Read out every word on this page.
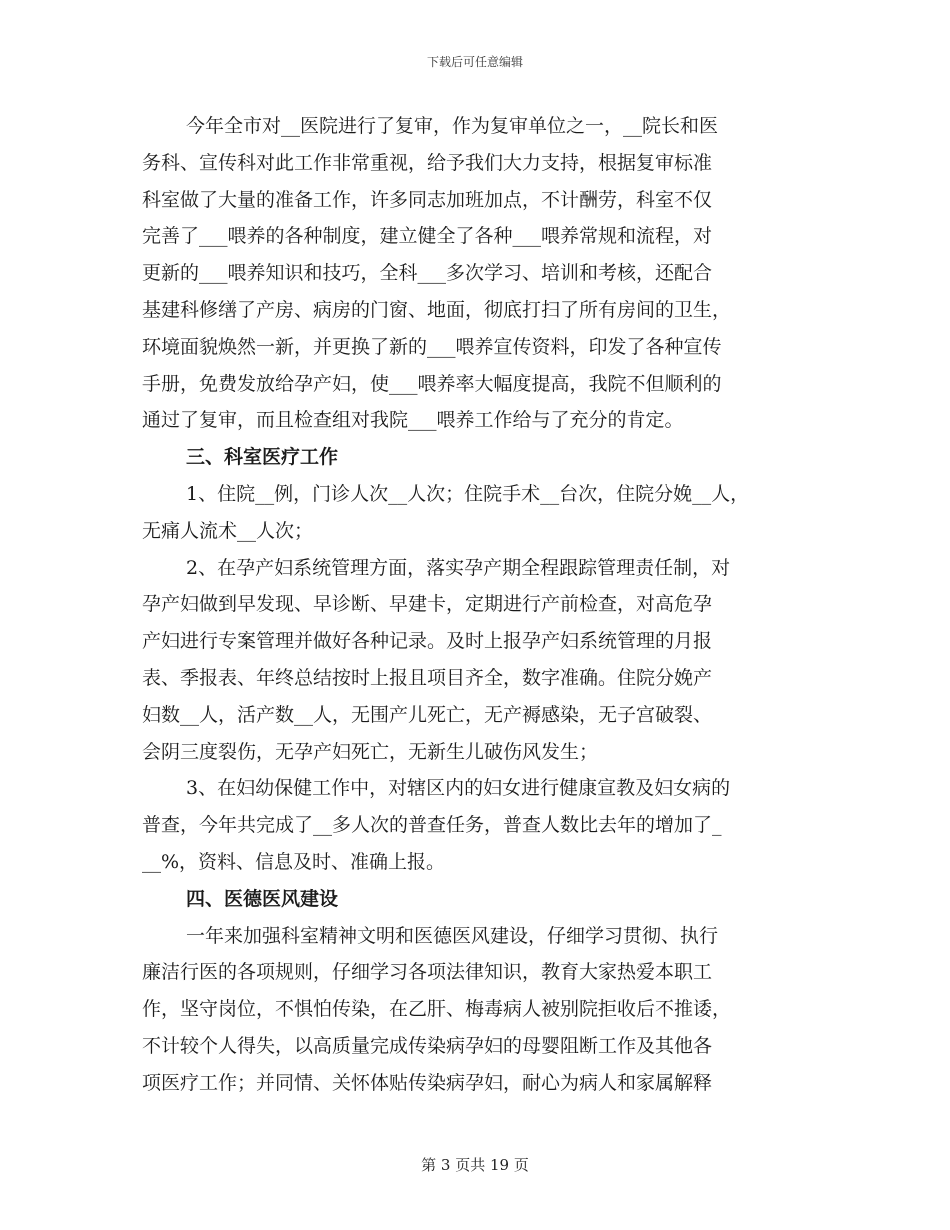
下载后可任意编辑
今年全市对__医院进行了复审，作为复审单位之一，__院长和医
务科、宣传科对此工作非常重视，给予我们大力支持，根据复审标准
科室做了大量的准备工作，许多同志加班加点，不计酬劳，科室不仅
完善了___喂养的各种制度，建立健全了各种___喂养常规和流程，对
更新的___喂养知识和技巧，全科___多次学习、培训和考核，还配合
基建科修缮了产房、病房的门窗、地面，彻底打扫了所有房间的卫生，
环境面貌焕然一新，并更换了新的___喂养宣传资料，印发了各种宣传
手册，免费发放给孕产妇，使___喂养率大幅度提高，我院不但顺利的
通过了复审，而且检查组对我院___喂养工作给与了充分的肯定。
三、科室医疗工作
1、住院__例，门诊人次__人次；住院手术__台次，住院分娩__人，
无痛人流术__人次；
2、在孕产妇系统管理方面，落实孕产期全程跟踪管理责任制，对
孕产妇做到早发现、早诊断、早建卡，定期进行产前检查，对高危孕
产妇进行专案管理并做好各种记录。及时上报孕产妇系统管理的月报
表、季报表、年终总结按时上报且项目齐全，数字准确。住院分娩产
妇数__人，活产数__人，无围产儿死亡，无产褥感染，无子宫破裂、
会阴三度裂伤，无孕产妇死亡，无新生儿破伤风发生；
3、在妇幼保健工作中，对辖区内的妇女进行健康宣教及妇女病的
普查，今年共完成了__多人次的普查任务，普查人数比去年的增加了_
__%，资料、信息及时、准确上报。
四、医德医风建设
一年来加强科室精神文明和医德医风建设，仔细学习贯彻、执行
廉洁行医的各项规则，仔细学习各项法律知识，教育大家热爱本职工
作，坚守岗位，不惧怕传染，在乙肝、梅毒病人被别院拒收后不推诿，
不计较个人得失，以高质量完成传染病孕妇的母婴阻断工作及其他各
项医疗工作；并同情、关怀体贴传染病孕妇，耐心为病人和家属解释
第 3 页共 19 页
